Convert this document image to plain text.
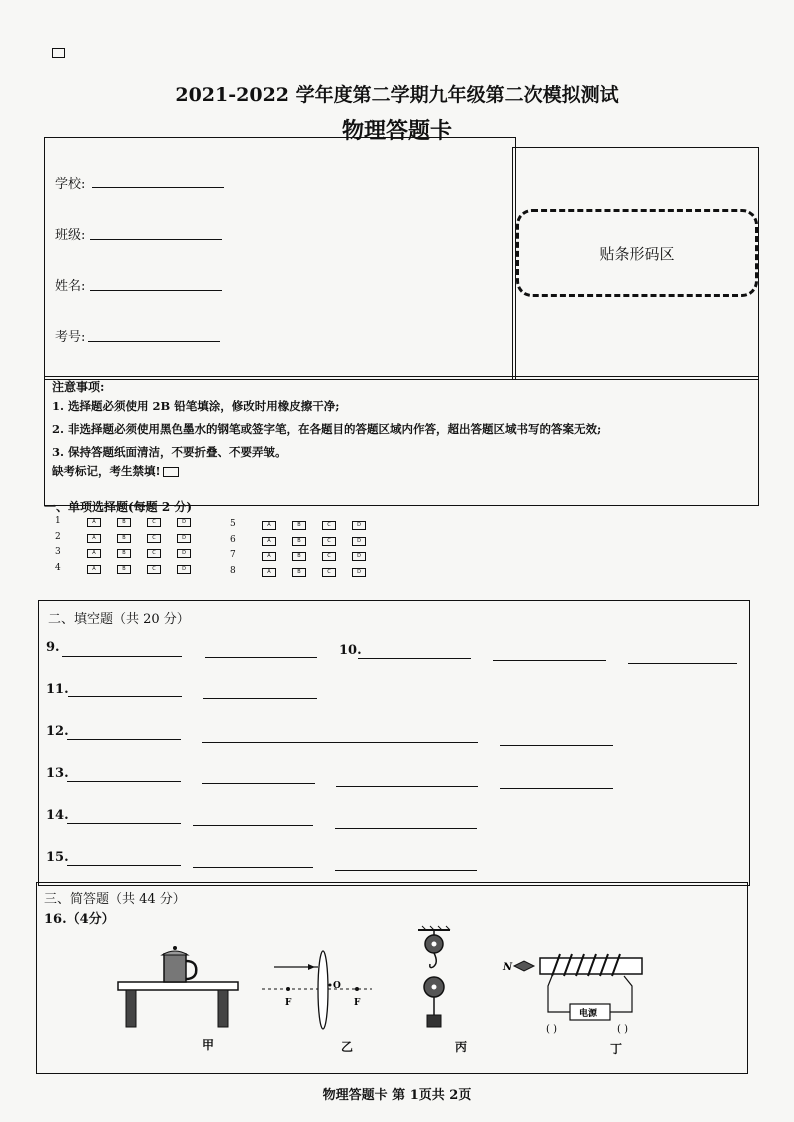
2021-2022 学年度第二学期九年级第二次模拟测试
物理答题卡
学校:
班级:
姓名:
考号:
贴条形码区
注意事项:
1. 选择题必须使用 2B 铅笔填涂，修改时用橡皮擦干净;
2. 非选择题必须使用黑色墨水的钢笔或签字笔，在各题目的答题区域内作答，超出答题区域书写的答案无效;
3. 保持答题纸面清洁，不要折叠、不要弄皱。
缺考标记，考生禁填!
一、单项选择题(每题 2 分)
1	A	B	C	D
2	A	B	C	D
3	A	B	C	D
4	A	B	C	D
5	A	B	C	D
6	A	B	C	D
7	A	B	C	D
8	A	B	C	D
二、填空题（共 20 分）
9.	10.
11.
12.
13.
14.
15.
三、简答题（共 44 分）
16.（4分）
F
O
F
N
电源
( )	( )
甲	乙	丙	丁
物理答题卡 第 1页共 2页
